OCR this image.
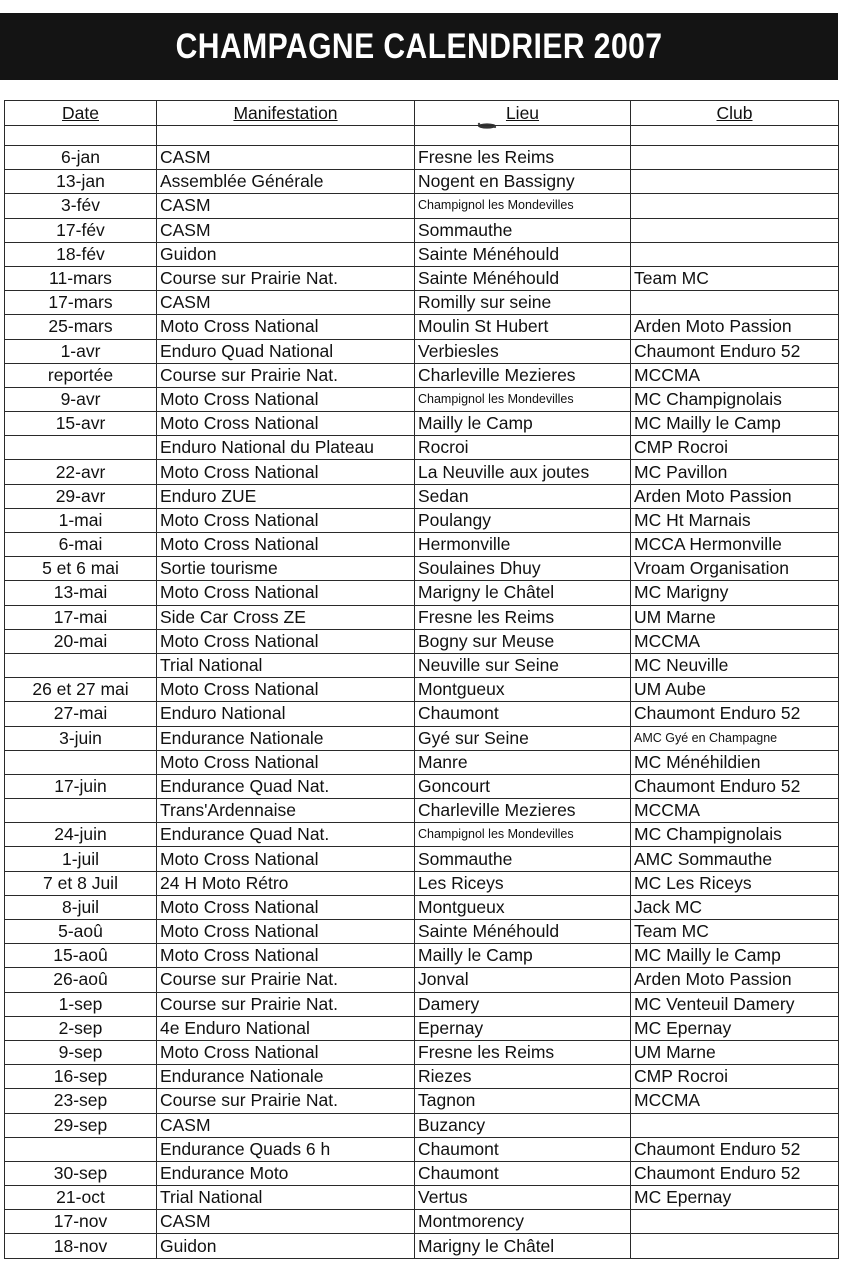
CHAMPAGNE CALENDRIER 2007
Date	Manifestation	Lieu	Club

6-jan	CASM	Fresne les Reims	
13-jan	Assemblée Générale	Nogent en Bassigny	
3-fév	CASM	Champignol les Mondevilles	
17-fév	CASM	Sommauthe	
18-fév	Guidon	Sainte Ménéhould	
11-mars	Course sur Prairie Nat.	Sainte Ménéhould	Team MC
17-mars	CASM	Romilly sur seine	
25-mars	Moto Cross National	Moulin St Hubert	Arden Moto Passion
1-avr	Enduro Quad National	Verbiesles	Chaumont Enduro 52
reportée	Course sur Prairie Nat.	Charleville Mezieres	MCCMA
9-avr	Moto Cross National	Champignol les Mondevilles	MC Champignolais
15-avr	Moto Cross National	Mailly le Camp	MC Mailly le Camp
	Enduro National du Plateau	Rocroi	CMP Rocroi
22-avr	Moto Cross National	La Neuville aux joutes	MC Pavillon
29-avr	Enduro ZUE	Sedan	Arden Moto Passion
1-mai	Moto Cross National	Poulangy	MC Ht Marnais
6-mai	Moto Cross National	Hermonville	MCCA Hermonville
5 et 6 mai	Sortie tourisme	Soulaines Dhuy	Vroam Organisation
13-mai	Moto Cross National	Marigny le Châtel	MC Marigny
17-mai	Side Car Cross ZE	Fresne les Reims	UM Marne
20-mai	Moto Cross National	Bogny sur Meuse	MCCMA
	Trial National	Neuville sur Seine	MC Neuville
26 et 27 mai	Moto Cross National	Montgueux	UM Aube
27-mai	Enduro National	Chaumont	Chaumont Enduro 52
3-juin	Endurance Nationale	Gyé sur Seine	AMC Gyé en Champagne
	Moto Cross National	Manre	MC Ménéhildien
17-juin	Endurance Quad Nat.	Goncourt	Chaumont Enduro 52
	Trans'Ardennaise	Charleville Mezieres	MCCMA
24-juin	Endurance Quad Nat.	Champignol les Mondevilles	MC Champignolais
1-juil	Moto Cross National	Sommauthe	AMC Sommauthe
7 et 8 Juil	24 H Moto Rétro	Les Riceys	MC Les Riceys
8-juil	Moto Cross National	Montgueux	Jack MC
5-aoû	Moto Cross National	Sainte Ménéhould	Team MC
15-aoû	Moto Cross National	Mailly le Camp	MC Mailly le Camp
26-aoû	Course sur Prairie Nat.	Jonval	Arden Moto Passion
1-sep	Course sur Prairie Nat.	Damery	MC Venteuil Damery
2-sep	4e Enduro National	Epernay	MC Epernay
9-sep	Moto Cross National	Fresne les Reims	UM Marne
16-sep	Endurance Nationale	Riezes	CMP Rocroi
23-sep	Course sur Prairie Nat.	Tagnon	MCCMA
29-sep	CASM	Buzancy	
	Endurance Quads 6 h	Chaumont	Chaumont Enduro 52
30-sep	Endurance Moto	Chaumont	Chaumont Enduro 52
21-oct	Trial National	Vertus	MC Epernay
17-nov	CASM	Montmorency	
18-nov	Guidon	Marigny le Châtel	
